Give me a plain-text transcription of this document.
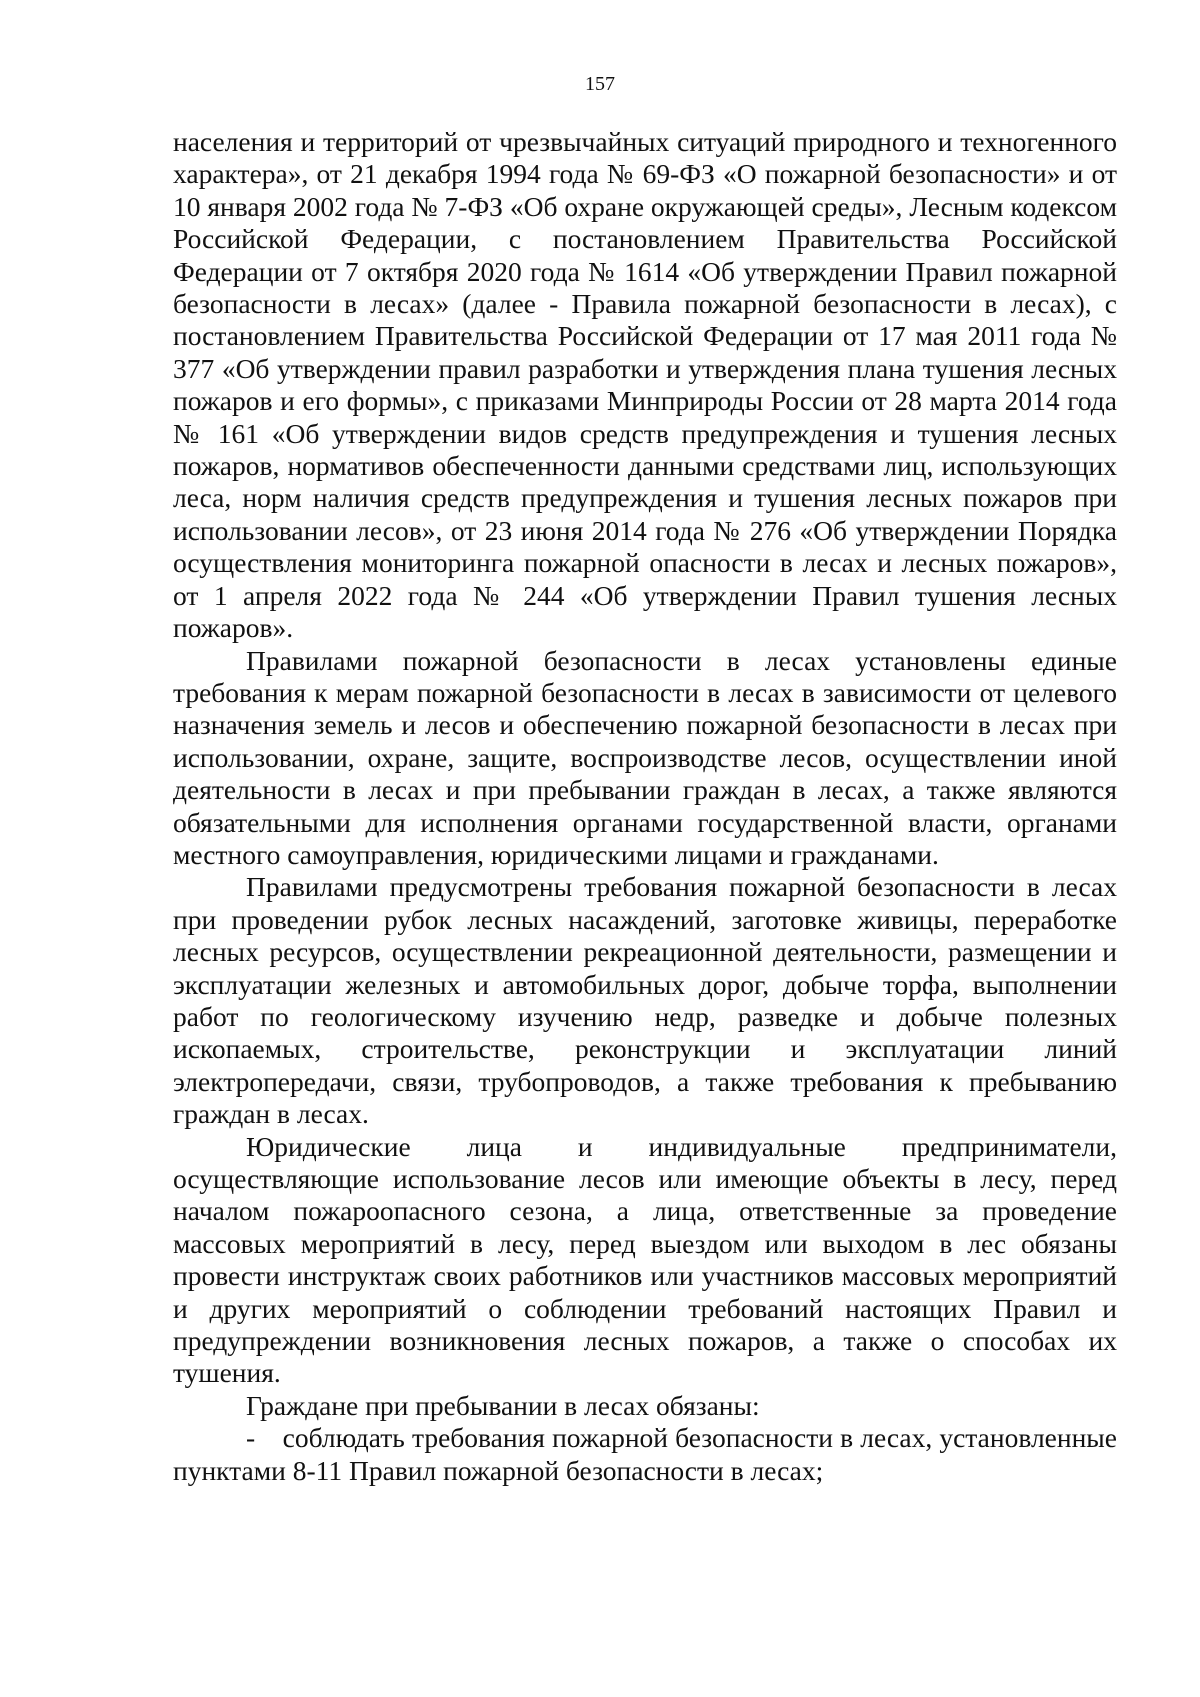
157

населения и территорий от чрезвычайных ситуаций природного и техногенного характера», от 21 декабря 1994 года № 69-ФЗ «О пожарной безопасности» и от 10 января 2002 года № 7-ФЗ «Об охране окружающей среды», Лесным кодексом Российской Федерации, с постановлением Правительства Российской Федерации от 7 октября 2020 года № 1614 «Об утверждении Правил пожарной безопасности в лесах» (далее - Правила пожарной безопасности в лесах), с постановлением Правительства Российской Федерации от 17 мая 2011 года № 377 «Об утверждении правил разработки и утверждения плана тушения лесных пожаров и его формы», с приказами Минприроды России от 28 марта 2014 года № 161 «Об утверждении видов средств предупреждения и тушения лесных пожаров, нормативов обеспеченности данными средствами лиц, использующих леса, норм наличия средств предупреждения и тушения лесных пожаров при использовании лесов», от 23 июня 2014 года № 276 «Об утверждении Порядка осуществления мониторинга пожарной опасности в лесах и лесных пожаров», от 1 апреля 2022 года № 244 «Об утверждении Правил тушения лесных пожаров».

Правилами пожарной безопасности в лесах установлены единые требования к мерам пожарной безопасности в лесах в зависимости от целевого назначения земель и лесов и обеспечению пожарной безопасности в лесах при использовании, охране, защите, воспроизводстве лесов, осуществлении иной деятельности в лесах и при пребывании граждан в лесах, а также являются обязательными для исполнения органами государственной власти, органами местного самоуправления, юридическими лицами и гражданами.

Правилами предусмотрены требования пожарной безопасности в лесах при проведении рубок лесных насаждений, заготовке живицы, переработке лесных ресурсов, осуществлении рекреационной деятельности, размещении и эксплуатации железных и автомобильных дорог, добыче торфа, выполнении работ по геологическому изучению недр, разведке и добыче полезных ископаемых, строительстве, реконструкции и эксплуатации линий электропередачи, связи, трубопроводов, а также требования к пребыванию граждан в лесах.

Юридические лица и индивидуальные предприниматели, осуществляющие использование лесов или имеющие объекты в лесу, перед началом пожароопасного сезона, а лица, ответственные за проведение массовых мероприятий в лесу, перед выездом или выходом в лес обязаны провести инструктаж своих работников или участников массовых мероприятий и других мероприятий о соблюдении требований настоящих Правил и предупреждении возникновения лесных пожаров, а также о способах их тушения.

Граждане при пребывании в лесах обязаны:

- соблюдать требования пожарной безопасности в лесах, установленные пунктами 8-11 Правил пожарной безопасности в лесах;
